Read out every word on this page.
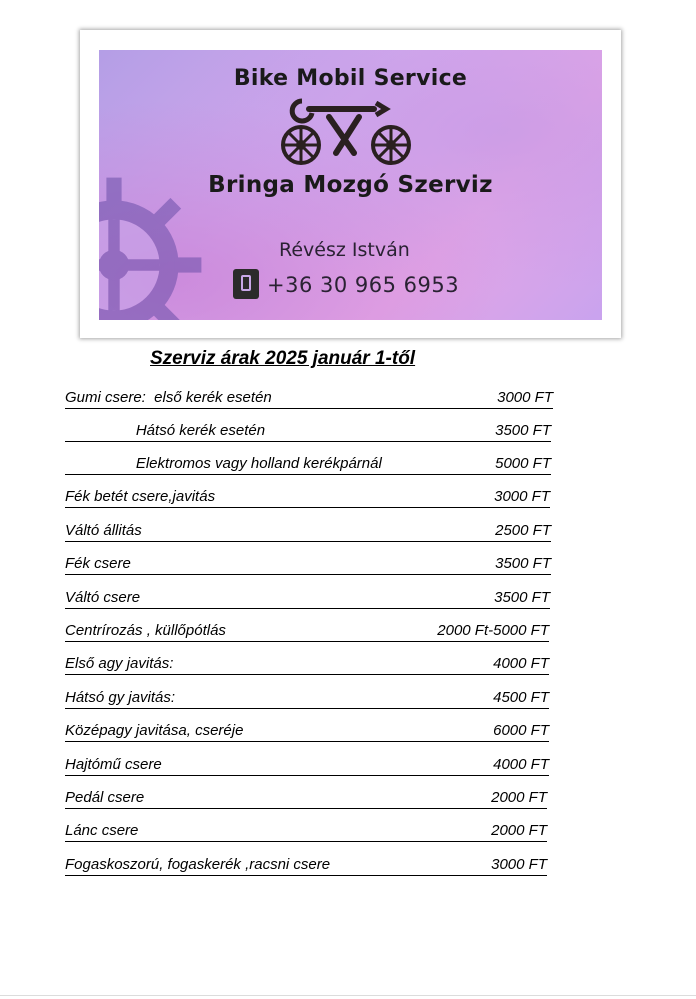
Bike Mobil Service
Bringa Mozgó Szerviz
Révész István
+36 30 965 6953
Szerviz árak 2025 január 1-től
Gumi csere:  első kerék esetén	3000 FT
Hátsó kerék esetén	3500 FT
Elektromos vagy holland kerékpárnál	5000 FT
Fék betét csere,javitás	3000 FT
Váltó állitás	2500 FT
Fék csere	3500 FT
Váltó csere	3500 FT
Centrírozás , küllőpótlás	2000 Ft-5000 FT
Első agy javitás:	4000 FT
Hátsó gy javitás:	4500 FT
Középagy javitása, cseréje	6000 FT
Hajtómű csere	4000 FT
Pedál csere	2000 FT
Lánc csere	2000 FT
Fogaskoszorú, fogaskerék ,racsni csere	3000 FT
